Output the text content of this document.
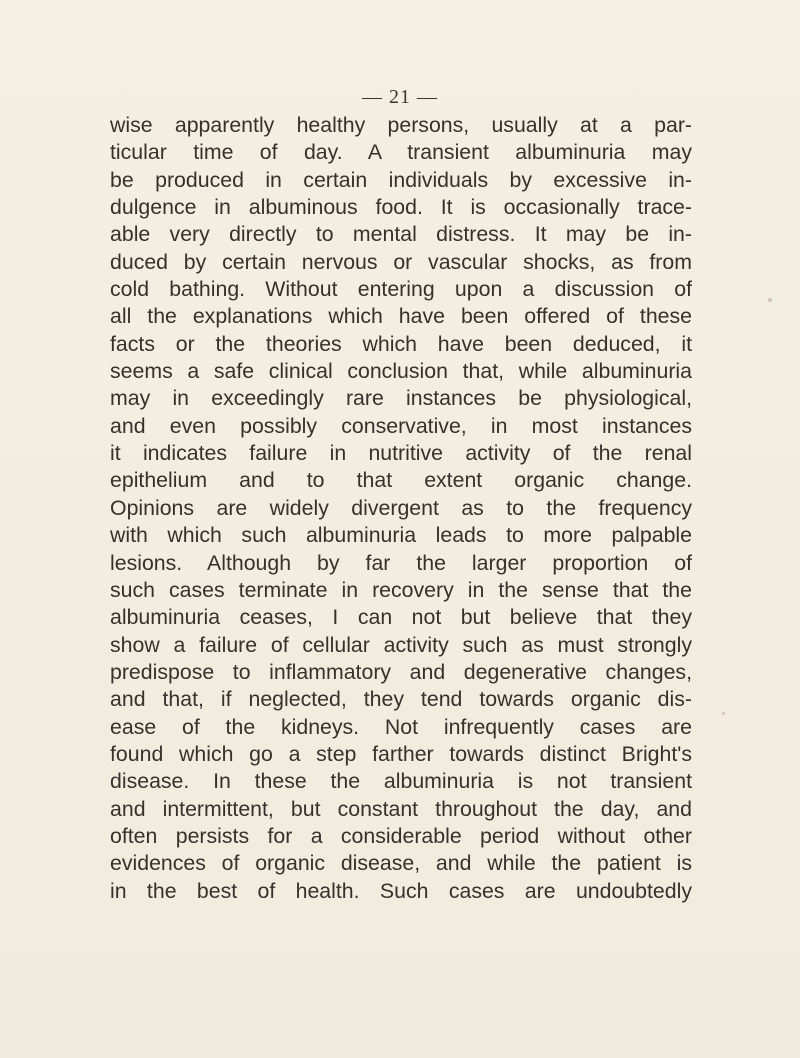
— 21 —
wise apparently healthy persons, usually at a par-
ticular time of day. A transient albuminuria may
be produced in certain individuals by excessive in-
dulgence in albuminous food. It is occasionally trace-
able very directly to mental distress. It may be in-
duced by certain nervous or vascular shocks, as from
cold bathing. Without entering upon a discussion of
all the explanations which have been offered of these
facts or the theories which have been deduced, it
seems a safe clinical conclusion that, while albuminuria
may in exceedingly rare instances be physiological,
and even possibly conservative, in most instances
it indicates failure in nutritive activity of the renal
epithelium and to that extent organic change.
Opinions are widely divergent as to the frequency
with which such albuminuria leads to more palpable
lesions. Although by far the larger proportion of
such cases terminate in recovery in the sense that the
albuminuria ceases, I can not but believe that they
show a failure of cellular activity such as must strongly
predispose to inflammatory and degenerative changes,
and that, if neglected, they tend towards organic dis-
ease of the kidneys. Not infrequently cases are
found which go a step farther towards distinct Bright's
disease. In these the albuminuria is not transient
and intermittent, but constant throughout the day, and
often persists for a considerable period without other
evidences of organic disease, and while the patient is
in the best of health. Such cases are undoubtedly
